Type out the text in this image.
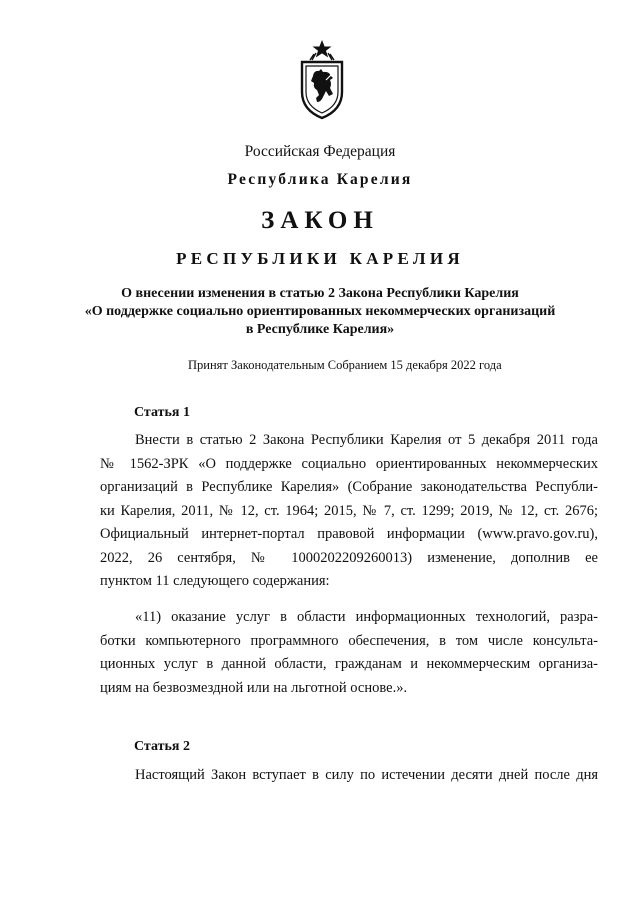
Российская Федерация
Республика Карелия
ЗАКОН
РЕСПУБЛИКИ КАРЕЛИЯ
О внесении изменения в статью 2 Закона Республики Карелия
«О поддержке социально ориентированных некоммерческих организаций
в Республике Карелия»
Принят Законодательным Собранием 15 декабря 2022 года
Статья 1
Внести в статью 2 Закона Республики Карелия от 5 декабря 2011 года
№ 1562-ЗРК «О поддержке социально ориентированных некоммерческих
организаций в Республике Карелия» (Собрание законодательства Республи-
ки Карелия, 2011, № 12, ст. 1964; 2015, № 7, ст. 1299; 2019, № 12, ст. 2676;
Официальный интернет-портал правовой информации (www.pravo.gov.ru),
2022, 26 сентября, № 1000202209260013) изменение, дополнив ее
пунктом 11 следующего содержания:
«11) оказание услуг в области информационных технологий, разра-
ботки компьютерного программного обеспечения, в том числе консульта-
ционных услуг в данной области, гражданам и некоммерческим организа-
циям на безвозмездной или на льготной основе.».
Статья 2
Настоящий Закон вступает в силу по истечении десяти дней после дня
